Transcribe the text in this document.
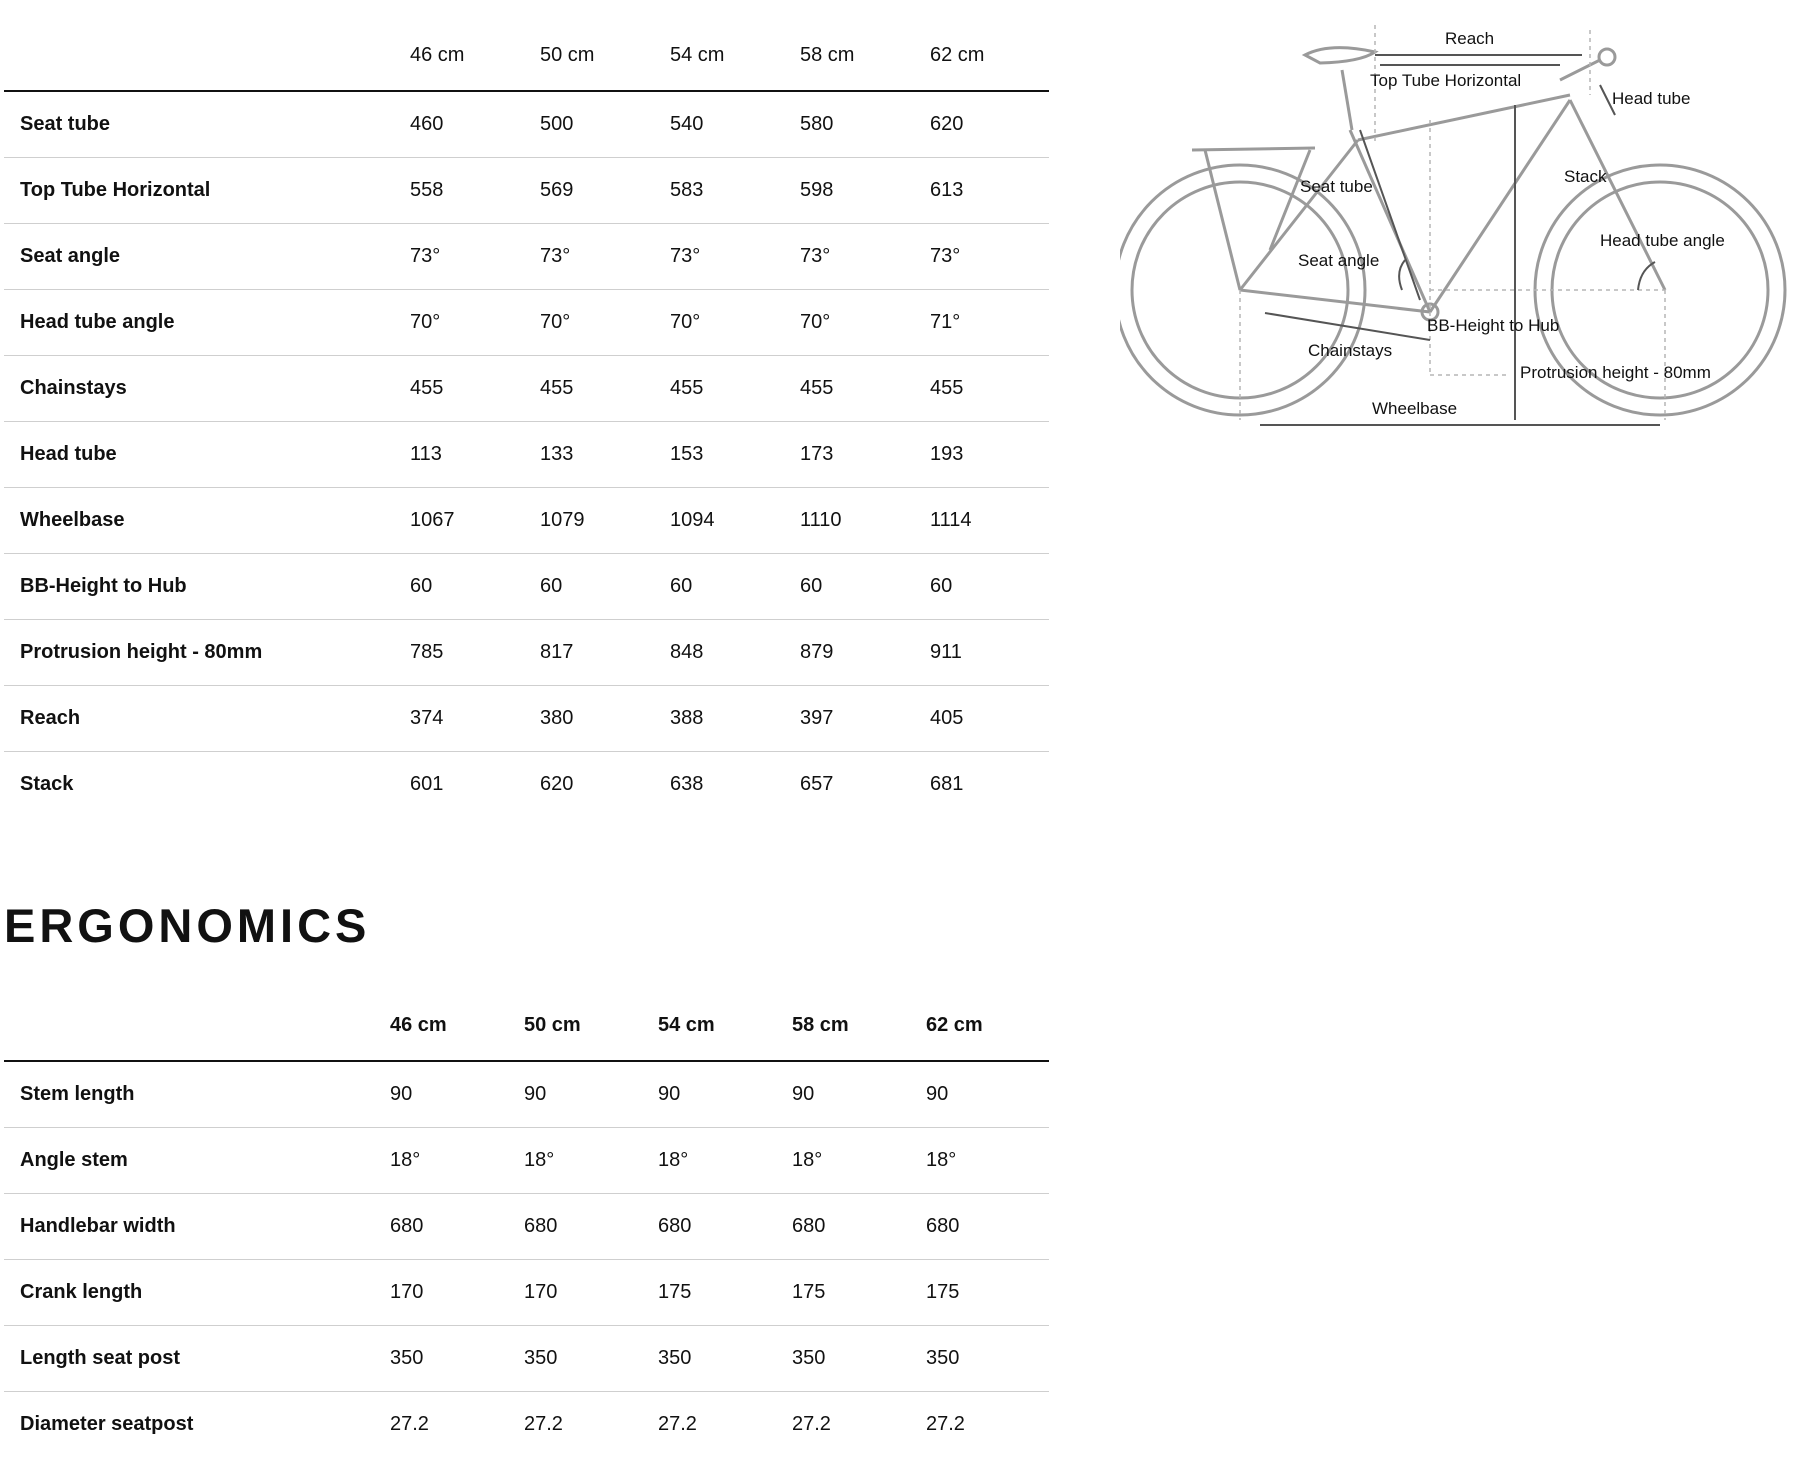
	46 cm	50 cm	54 cm	58 cm	62 cm
Seat tube	460	500	540	580	620
Top Tube Horizontal	558	569	583	598	613
Seat angle	73°	73°	73°	73°	73°
Head tube angle	70°	70°	70°	70°	71°
Chainstays	455	455	455	455	455
Head tube	113	133	153	173	193
Wheelbase	1067	1079	1094	1110	1114
BB-Height to Hub	60	60	60	60	60
Protrusion height - 80mm	785	817	848	879	911
Reach	374	380	388	397	405
Stack	601	620	638	657	681
Reach
Top Tube Horizontal
Head tube
Stack
Seat tube
Head tube angle
Seat angle
BB-Height to Hub
Chainstays
Protrusion height - 80mm
Wheelbase
ERGONOMICS
	46 cm	50 cm	54 cm	58 cm	62 cm
Stem length	90	90	90	90	90
Angle stem	18°	18°	18°	18°	18°
Handlebar width	680	680	680	680	680
Crank length	170	170	175	175	175
Length seat post	350	350	350	350	350
Diameter seatpost	27.2	27.2	27.2	27.2	27.2
